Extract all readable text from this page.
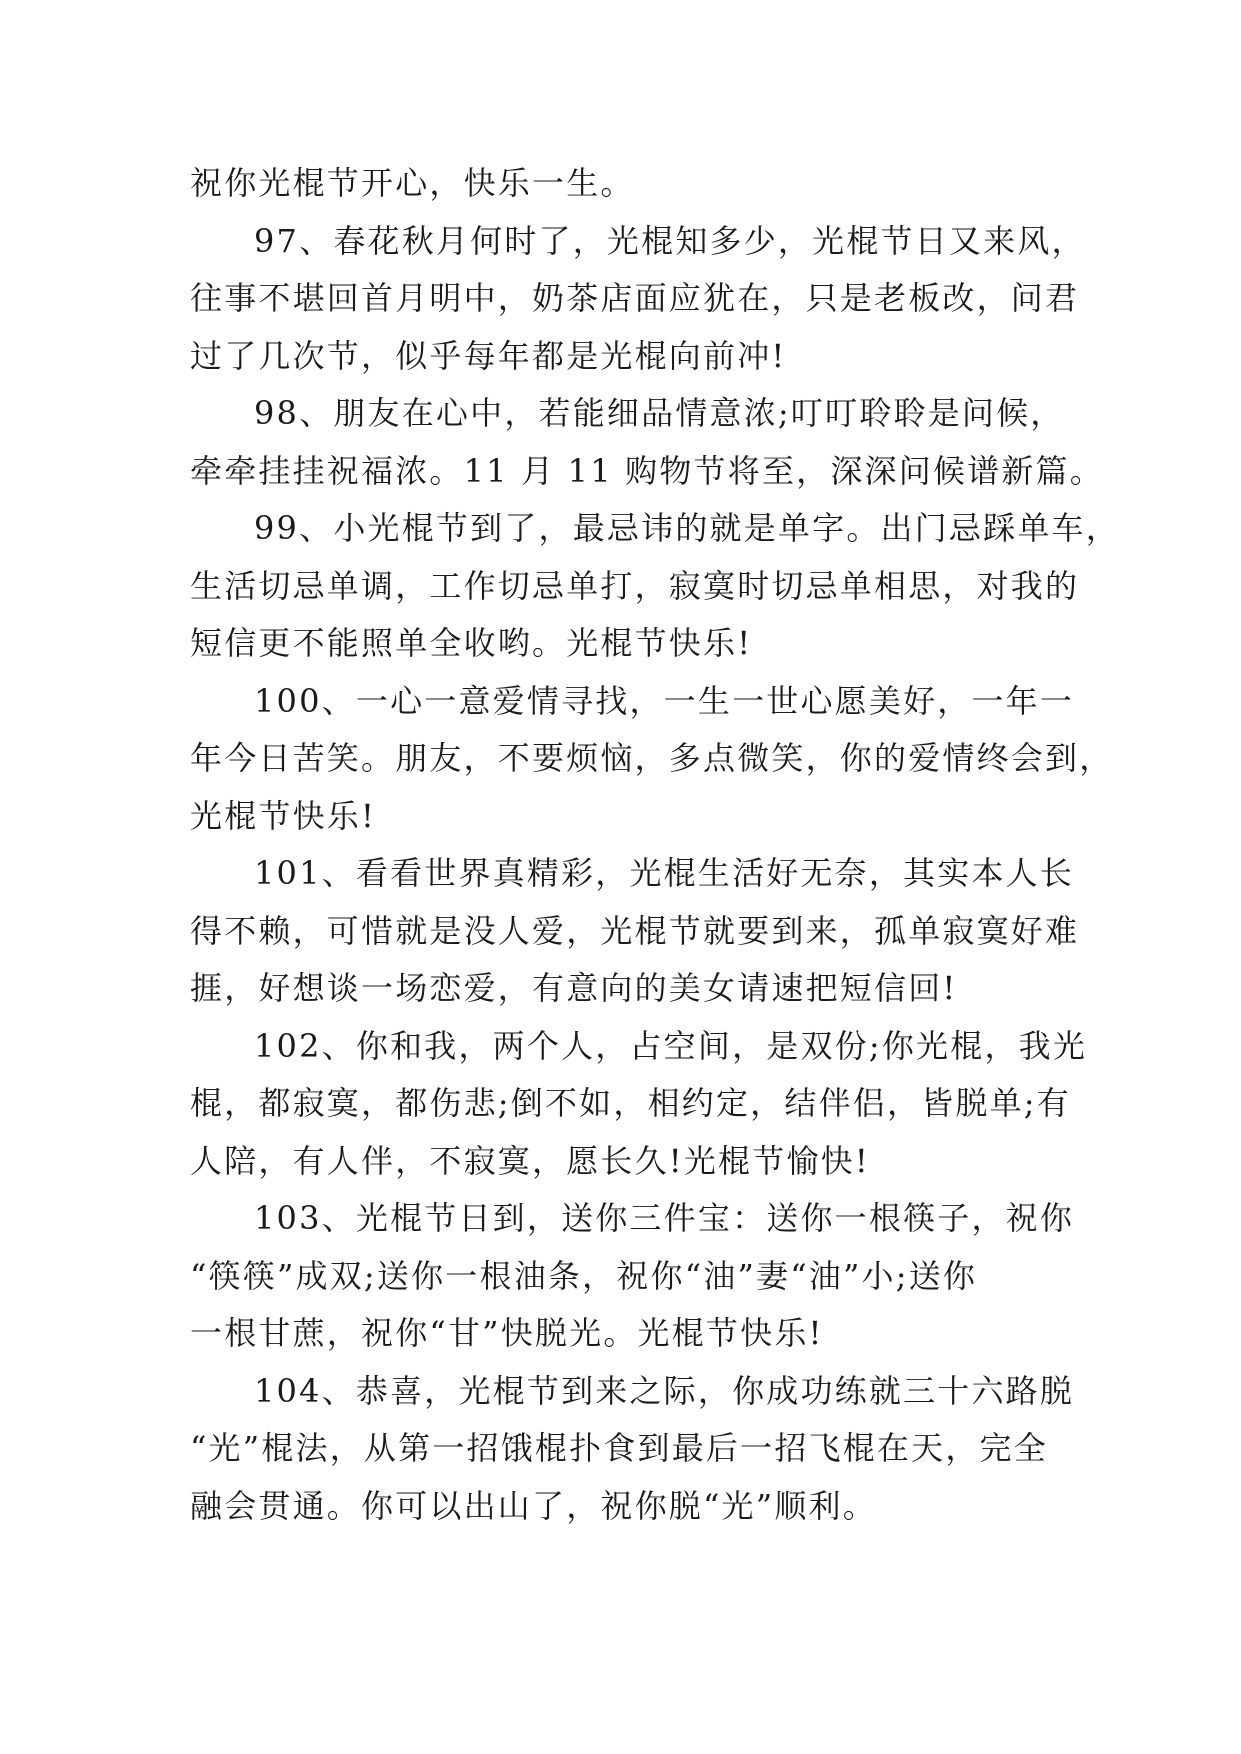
祝你光棍节开心，快乐一生。

97、春花秋月何时了，光棍知多少，光棍节日又来风，
往事不堪回首月明中，奶茶店面应犹在，只是老板改，问君
过了几次节，似乎每年都是光棍向前冲!

98、朋友在心中，若能细品情意浓;叮叮聆聆是问候，
牵牵挂挂祝福浓。11 月 11 购物节将至，深深问候谱新篇。

99、小光棍节到了，最忌讳的就是单字。出门忌踩单车，
生活切忌单调，工作切忌单打，寂寞时切忌单相思，对我的
短信更不能照单全收哟。光棍节快乐!

100、一心一意爱情寻找，一生一世心愿美好，一年一
年今日苦笑。朋友，不要烦恼，多点微笑，你的爱情终会到，
光棍节快乐!

101、看看世界真精彩，光棍生活好无奈，其实本人长
得不赖，可惜就是没人爱，光棍节就要到来，孤单寂寞好难
捱，好想谈一场恋爱，有意向的美女请速把短信回!

102、你和我，两个人，占空间，是双份;你光棍，我光
棍，都寂寞，都伤悲;倒不如，相约定，结伴侣，皆脱单;有
人陪，有人伴，不寂寞，愿长久!光棍节愉快!

103、光棍节日到，送你三件宝：送你一根筷子，祝你
“筷筷”成双;送你一根油条，祝你“油”妻“油”小;送你
一根甘蔗，祝你“甘”快脱光。光棍节快乐!

104、恭喜，光棍节到来之际，你成功练就三十六路脱
“光”棍法，从第一招饿棍扑食到最后一招飞棍在天，完全
融会贯通。你可以出山了，祝你脱“光”顺利。
